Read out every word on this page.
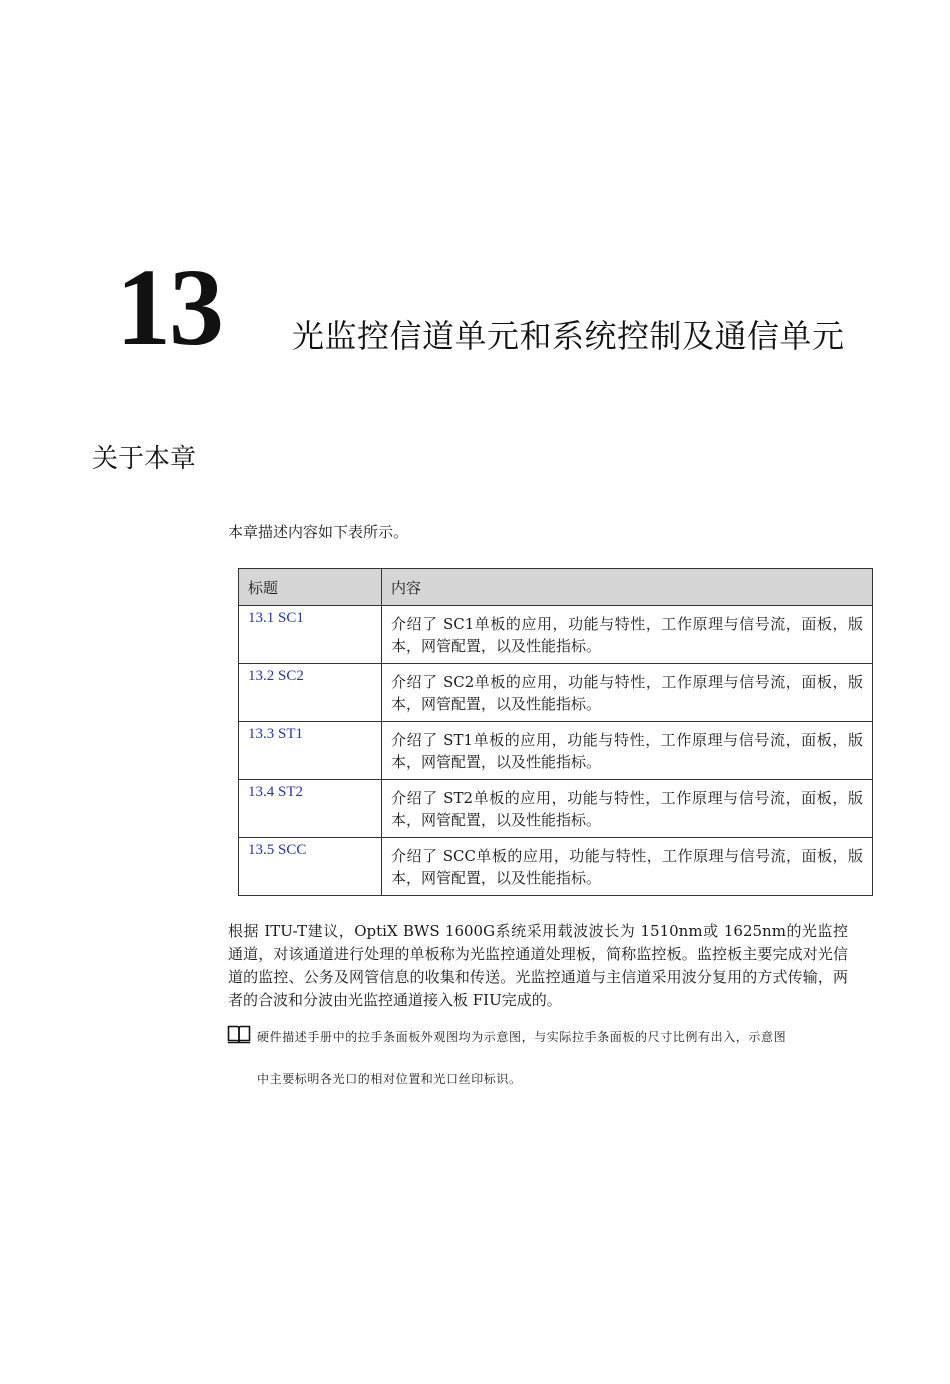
13 光监控信道单元和系统控制及通信单元
关于本章
本章描述内容如下表所示。
标题	内容
13.1 SC1	介绍了 SC1单板的应用，功能与特性，工作原理与信号流，面板，版本，网管配置，以及性能指标。
13.2 SC2	介绍了 SC2单板的应用，功能与特性，工作原理与信号流，面板，版本，网管配置，以及性能指标。
13.3 ST1	介绍了 ST1单板的应用，功能与特性，工作原理与信号流，面板，版本，网管配置，以及性能指标。
13.4 ST2	介绍了 ST2单板的应用，功能与特性，工作原理与信号流，面板，版本，网管配置，以及性能指标。
13.5 SCC	介绍了 SCC单板的应用，功能与特性，工作原理与信号流，面板，版本，网管配置，以及性能指标。
根据 ITU-T建议，OptiX BWS 1600G系统采用载波波长为 1510nm或 1625nm的光监控通道，对该通道进行处理的单板称为光监控通道处理板，简称监控板。监控板主要完成对光信道的监控、公务及网管信息的收集和传送。光监控通道与主信道采用波分复用的方式传输，两者的合波和分波由光监控通道接入板 FIU完成的。
硬件描述手册中的拉手条面板外观图均为示意图，与实际拉手条面板的尺寸比例有出入，示意图
中主要标明各光口的相对位置和光口丝印标识。
